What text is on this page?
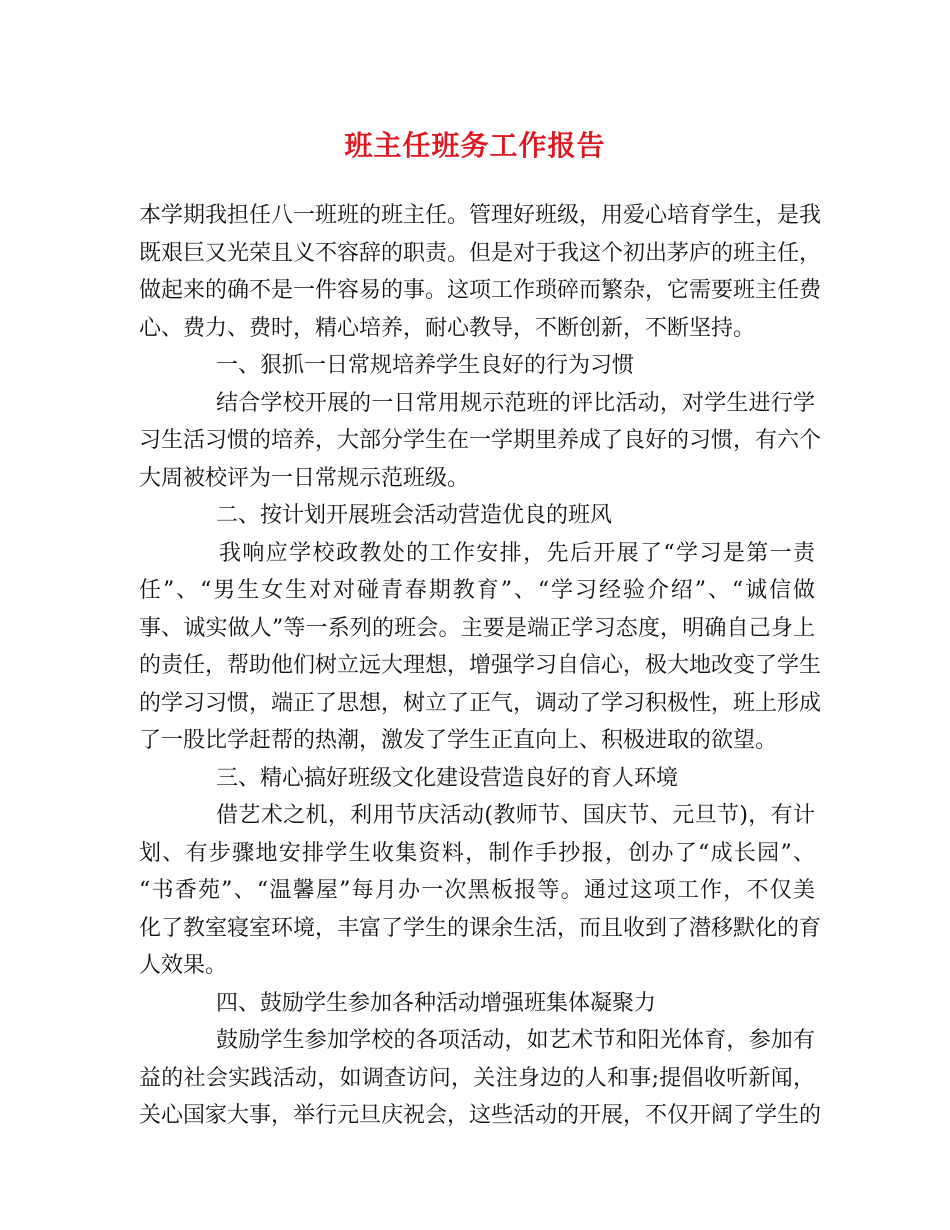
班主任班务工作报告
本学期我担任八一班班的班主任。管理好班级，用爱心培育学生，是我
既艰巨又光荣且义不容辞的职责。但是对于我这个初出茅庐的班主任，
做起来的确不是一件容易的事。这项工作琐碎而繁杂，它需要班主任费
心、费力、费时，精心培养，耐心教导，不断创新，不断坚持。
一、狠抓一日常规培养学生良好的行为习惯
结合学校开展的一日常用规示范班的评比活动，对学生进行学
习生活习惯的培养，大部分学生在一学期里养成了良好的习惯，有六个
大周被校评为一日常规示范班级。
二、按计划开展班会活动营造优良的班风
我响应学校政教处的工作安排，先后开展了“学习是第一责
任”、“男生女生对对碰青春期教育”、“学习经验介绍”、“诚信做
事、诚实做人”等一系列的班会。主要是端正学习态度，明确自己身上
的责任，帮助他们树立远大理想，增强学习自信心，极大地改变了学生
的学习习惯，端正了思想，树立了正气，调动了学习积极性，班上形成
了一股比学赶帮的热潮，激发了学生正直向上、积极进取的欲望。
三、精心搞好班级文化建设营造良好的育人环境
借艺术之机，利用节庆活动(教师节、国庆节、元旦节)，有计
划、有步骤地安排学生收集资料，制作手抄报，创办了“成长园”、
“书香苑”、“温馨屋”每月办一次黑板报等。通过这项工作，不仅美
化了教室寝室环境，丰富了学生的课余生活，而且收到了潜移默化的育
人效果。
四、鼓励学生参加各种活动增强班集体凝聚力
鼓励学生参加学校的各项活动，如艺术节和阳光体育，参加有
益的社会实践活动，如调查访问，关注身边的人和事;提倡收听新闻，
关心国家大事，举行元旦庆祝会，这些活动的开展，不仅开阔了学生的
